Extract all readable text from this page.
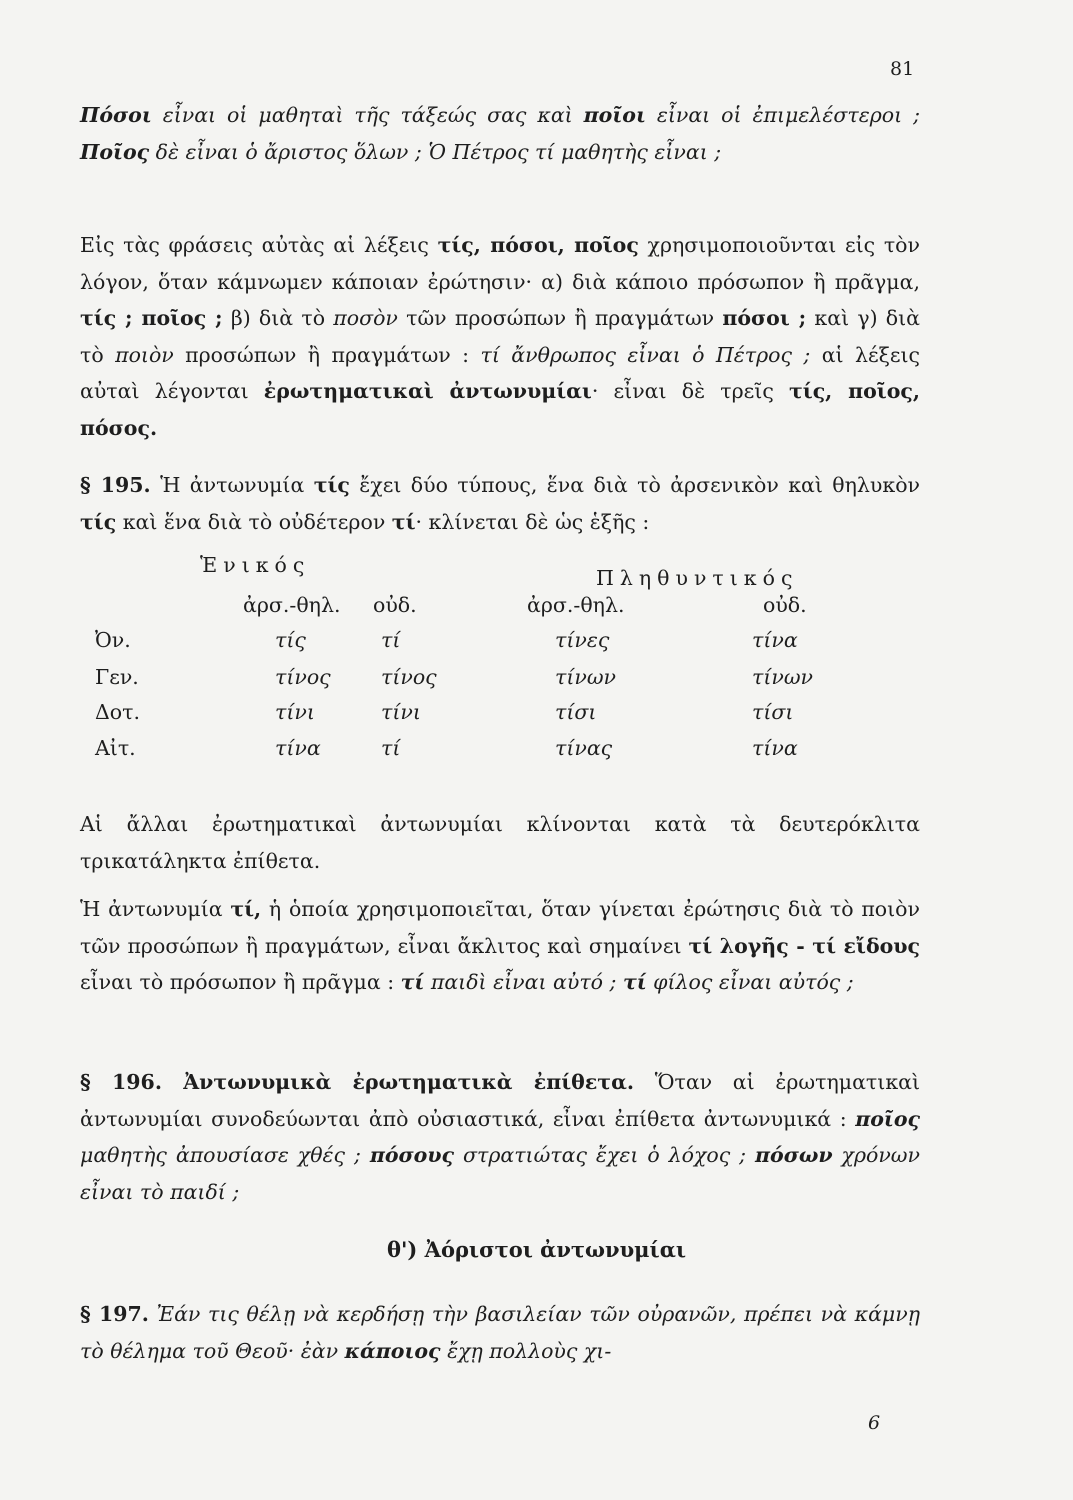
81

Πόσοι εἶναι οἱ μαθηταὶ τῆς τάξεώς σας καὶ ποῖοι εἶναι οἱ ἐπιμελέστεροι ; Ποῖος δὲ εἶναι ὁ ἄριστος ὅλων ; Ὁ Πέτρος τί μαθητὴς εἶναι ;

Εἰς τὰς φράσεις αὐτὰς αἱ λέξεις τίς, πόσοι, ποῖος χρησιμοποιοῦνται εἰς τὸν λόγον, ὅταν κάμνωμεν κάποιαν ἐρώτησιν· α) διὰ κάποιο πρόσωπον ἢ πρᾶγμα, τίς ; ποῖος ; β) διὰ τὸ ποσὸν τῶν προσώπων ἢ πραγμάτων πόσοι ; καὶ γ) διὰ τὸ ποιὸν προσώπων ἢ πραγμάτων : τί ἄνθρωπος εἶναι ὁ Πέτρος ; αἱ λέξεις αὐταὶ λέγονται ἐρωτηματικαὶ ἀντωνυμίαι· εἶναι δὲ τρεῖς τίς, ποῖος, πόσος.

§ 195. Ἡ ἀντωνυμία τίς ἔχει δύο τύπους, ἕνα διὰ τὸ ἀρσενικὸν καὶ θηλυκὸν τίς καὶ ἕνα διὰ τὸ οὐδέτερον τί· κλίνεται δὲ ὡς ἑξῆς :

Ἑνικός
Πληθυντικός
ἀρσ.-θηλ. οὐδ.	ἀρσ.-θηλ.	οὐδ.
Ὀν.	τίς	τί	τίνες	τίνα
Γεν.	τίνος τίνος	τίνων	τίνων
Δοτ.	τίνι	τίνι	τίσι	τίσι
Αἰτ.	τίνα	τί	τίνας	τίνα

Αἱ ἄλλαι ἐρωτηματικαὶ ἀντωνυμίαι κλίνονται κατὰ τὰ δευτερόκλιτα τρικατάληκτα ἐπίθετα.

Ἡ ἀντωνυμία τί, ἡ ὁποία χρησιμοποιεῖται, ὅταν γίνεται ἐρώτησις διὰ τὸ ποιὸν τῶν προσώπων ἢ πραγμάτων, εἶναι ἄκλιτος καὶ σημαίνει τί λογῆς - τί εἴδους εἶναι τὸ πρόσωπον ἢ πρᾶγμα : τί παιδὶ εἶναι αὐτό ; τί φίλος εἶναι αὐτός ;

§ 196. Ἀντωνυμικὰ ἐρωτηματικὰ ἐπίθετα. Ὅταν αἱ ἐρωτηματικαὶ ἀντωνυμίαι συνοδεύωνται ἀπὸ οὐσιαστικά, εἶναι ἐπίθετα ἀντωνυμικά : ποῖος μαθητὴς ἀπουσίασε χθές ; πόσους στρατιώτας ἔχει ὁ λόχος ; πόσων χρόνων εἶναι τὸ παιδί ;

θ') Ἀόριστοι ἀντωνυμίαι

§ 197. Ἐάν τις θέλῃ νὰ κερδήσῃ τὴν βασιλείαν τῶν οὐρανῶν, πρέπει νὰ κάμνῃ τὸ θέλημα τοῦ Θεοῦ· ἐὰν κάποιος ἔχῃ πολλοὺς χι-

6
